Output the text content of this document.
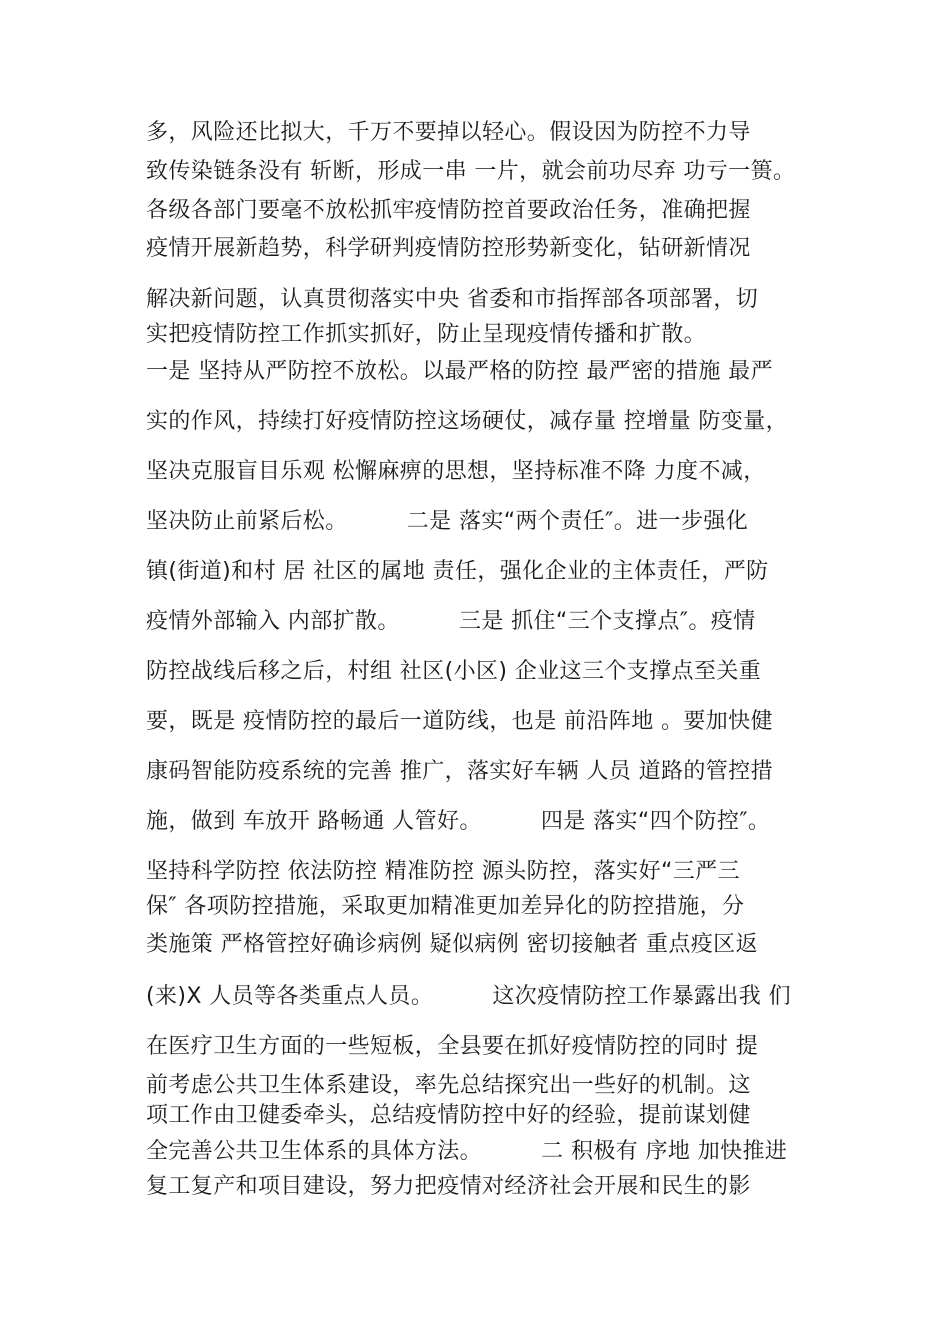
多，风险还比拟大，千万不要掉以轻心。假设因为防控不力导
致传染链条没有 斩断，形成一串 一片，就会前功尽弃 功亏一篑。
各级各部门要毫不放松抓牢疫情防控首要政治任务，准确把握
疫情开展新趋势，科学研判疫情防控形势新变化，钻研新情况
解决新问题，认真贯彻落实中央 省委和市指挥部各项部署，切
实把疫情防控工作抓实抓好，防止呈现疫情传播和扩散。
一是 坚持从严防控不放松。以最严格的防控 最严密的措施 最严
实的作风，持续打好疫情防控这场硬仗，减存量 控增量 防变量，
坚决克服盲目乐观 松懈麻痹的思想，坚持标准不降 力度不减，
坚决防止前紧后松。        二是 落实“两个责任″。进一步强化
镇(街道)和村 居 社区的属地 责任，强化企业的主体责任，严防
疫情外部输入 内部扩散。        三是 抓住“三个支撑点″。疫情
防控战线后移之后，村组 社区(小区) 企业这三个支撑点至关重
要，既是 疫情防控的最后一道防线，也是 前沿阵地 。要加快健
康码智能防疫系统的完善 推广，落实好车辆 人员 道路的管控措
施，做到 车放开 路畅通 人管好。        四是 落实“四个防控″。
坚持科学防控 依法防控 精准防控 源头防控，落实好“三严三
保″ 各项防控措施，采取更加精准更加差异化的防控措施，分
类施策 严格管控好确诊病例 疑似病例 密切接触者 重点疫区返
(来)X 人员等各类重点人员。        这次疫情防控工作暴露出我 们
在医疗卫生方面的一些短板，全县要在抓好疫情防控的同时 提
前考虑公共卫生体系建设，率先总结探究出一些好的机制。这
项工作由卫健委牵头，总结疫情防控中好的经验，提前谋划健
全完善公共卫生体系的具体方法。        二 积极有 序地 加快推进
复工复产和项目建设，努力把疫情对经济社会开展和民生的影
